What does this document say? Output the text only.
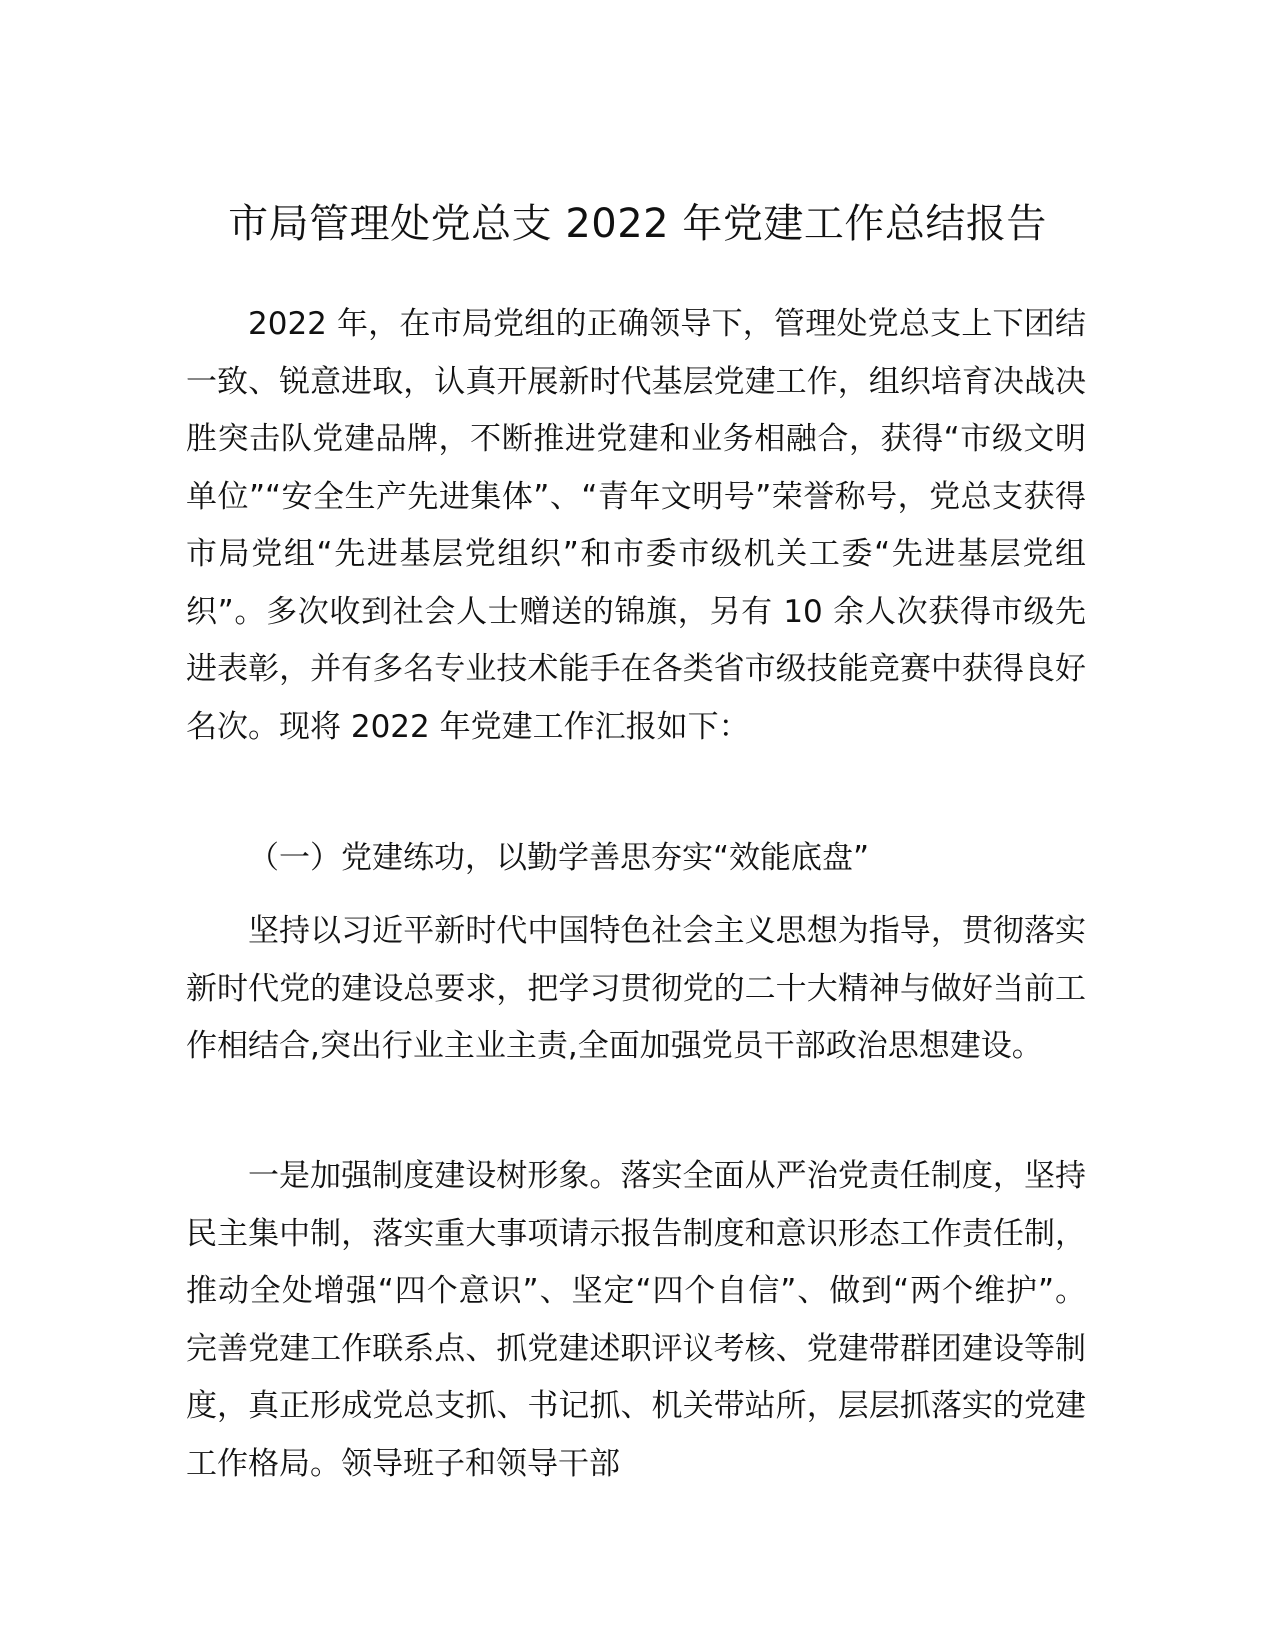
市局管理处党总支 2022 年党建工作总结报告

2022 年，在市局党组的正确领导下，管理处党总支上下团结一致、锐意进取，认真开展新时代基层党建工作，组织培育决战决胜突击队党建品牌，不断推进党建和业务相融合，获得“市级文明单位”“安全生产先进集体”、“青年文明号”荣誉称号，党总支获得市局党组“先进基层党组织”和市委市级机关工委“先进基层党组织”。多次收到社会人士赠送的锦旗，另有 10 余人次获得市级先进表彰，并有多名专业技术能手在各类省市级技能竞赛中获得良好名次。现将 2022 年党建工作汇报如下：

（一）党建练功，以勤学善思夯实“效能底盘”

坚持以习近平新时代中国特色社会主义思想为指导，贯彻落实新时代党的建设总要求，把学习贯彻党的二十大精神与做好当前工作相结合,突出行业主业主责,全面加强党员干部政治思想建设。

一是加强制度建设树形象。落实全面从严治党责任制度，坚持民主集中制，落实重大事项请示报告制度和意识形态工作责任制，推动全处增强“四个意识”、坚定“四个自信”、做到“两个维护”。完善党建工作联系点、抓党建述职评议考核、党建带群团建设等制度，真正形成党总支抓、书记抓、机关带站所，层层抓落实的党建工作格局。领导班子和领导干部
